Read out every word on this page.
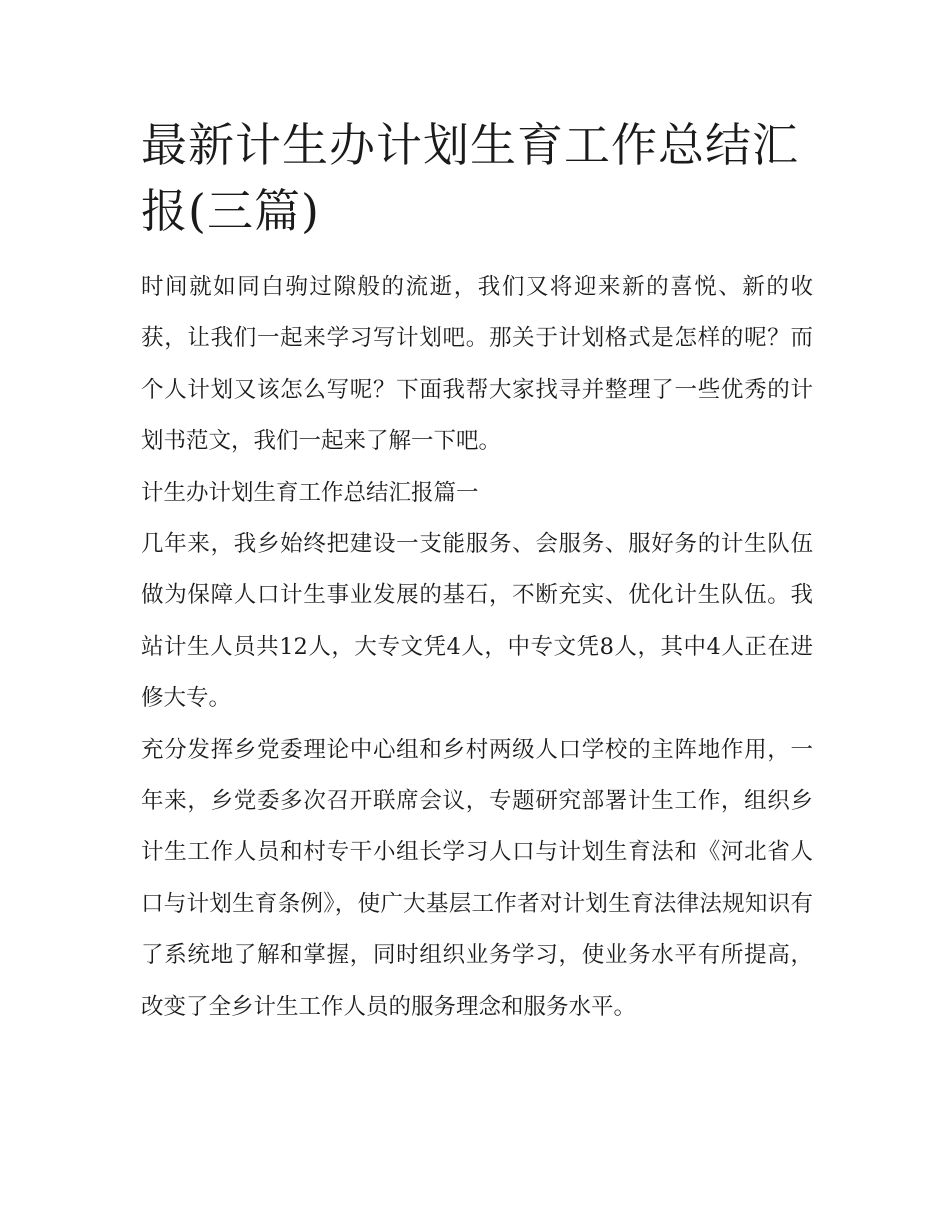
最新计生办计划生育工作总结汇报(三篇)

时间就如同白驹过隙般的流逝，我们又将迎来新的喜悦、新的收获，让我们一起来学习写计划吧。那关于计划格式是怎样的呢？而个人计划又该怎么写呢？下面我帮大家找寻并整理了一些优秀的计划书范文，我们一起来了解一下吧。

计生办计划生育工作总结汇报篇一

几年来，我乡始终把建设一支能服务、会服务、服好务的计生队伍做为保障人口计生事业发展的基石，不断充实、优化计生队伍。我站计生人员共12人，大专文凭4人，中专文凭8人，其中4人正在进修大专。

充分发挥乡党委理论中心组和乡村两级人口学校的主阵地作用，一年来，乡党委多次召开联席会议，专题研究部署计生工作，组织乡计生工作人员和村专干小组长学习人口与计划生育法和《河北省人口与计划生育条例》，使广大基层工作者对计划生育法律法规知识有了系统地了解和掌握，同时组织业务学习，使业务水平有所提高，改变了全乡计生工作人员的服务理念和服务水平。
